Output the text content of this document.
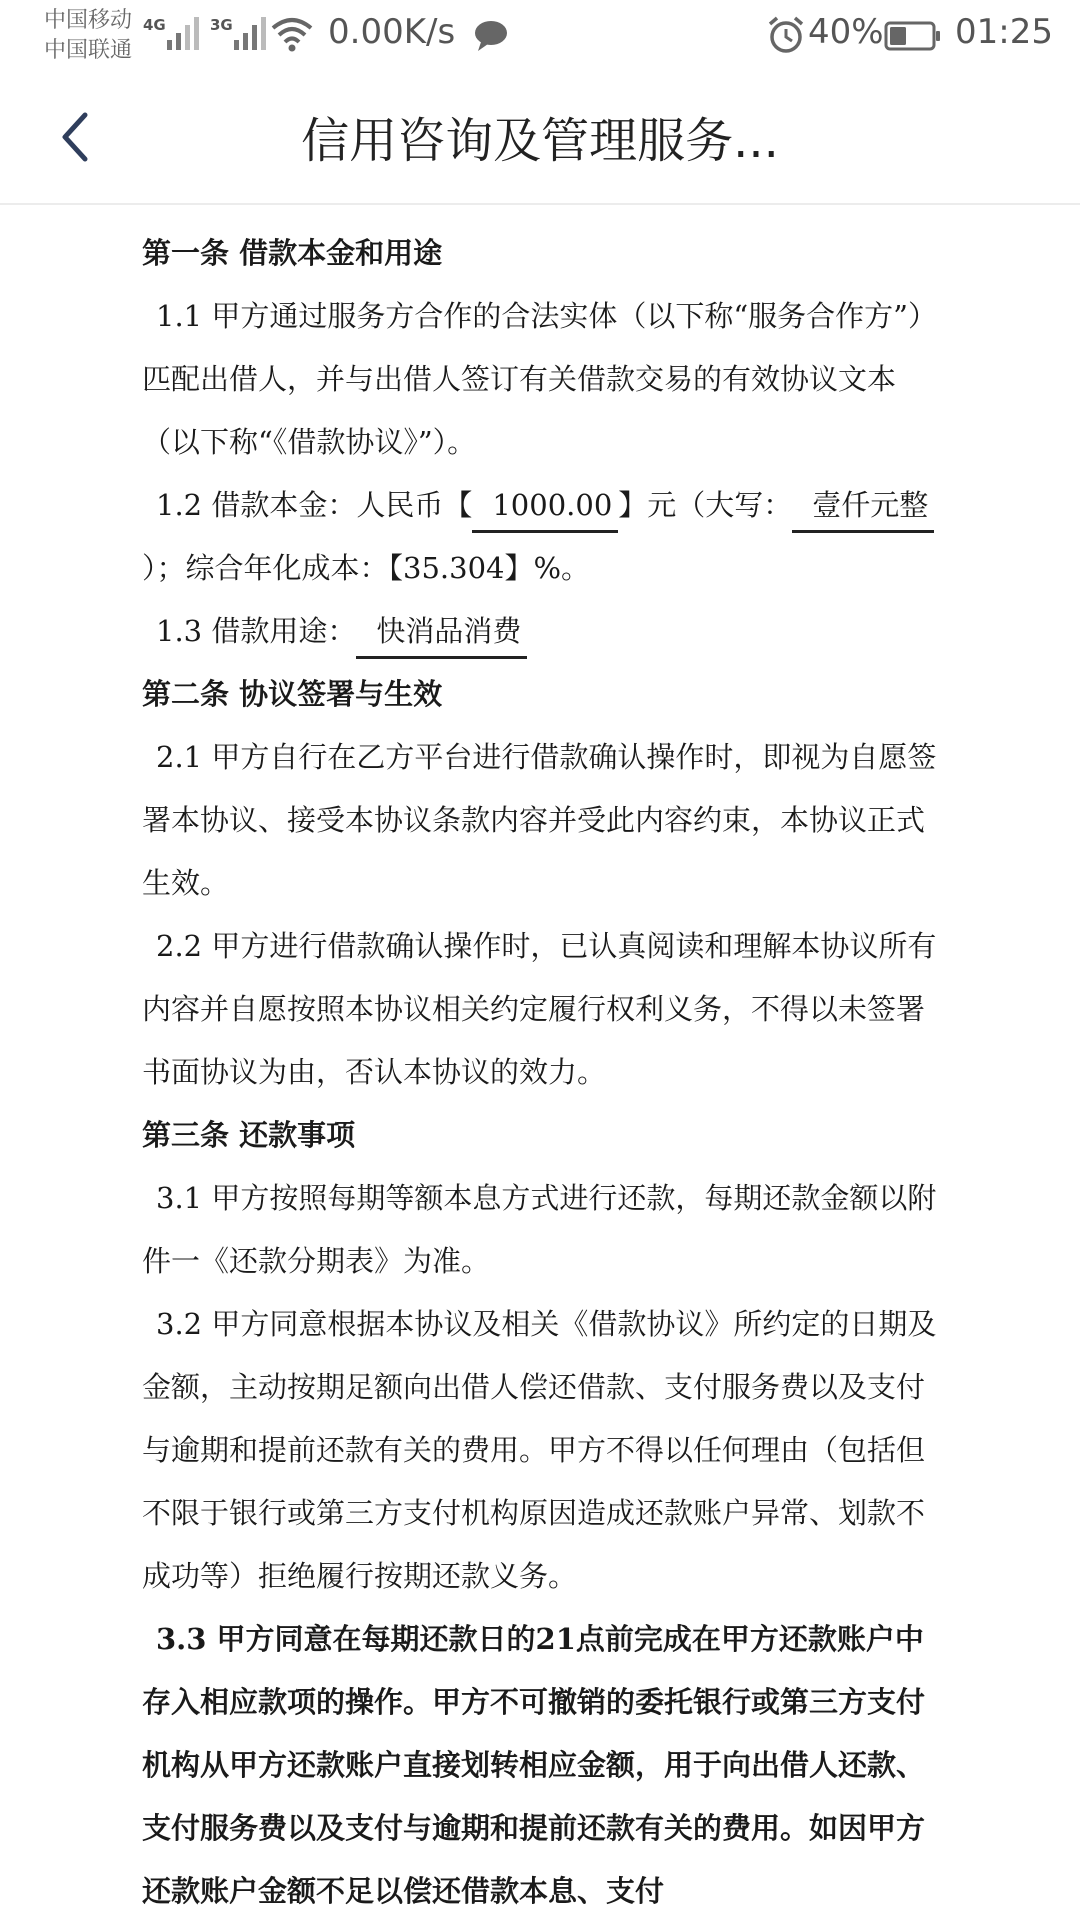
中国移动
中国联通
4G	3G	0.00K/s	40% 01:25
信用咨询及管理服务...

第一条 借款本金和用途

1.1 甲方通过服务方合作的合法实体（以下称“服务合作方”）匹配出借人，并与出借人签订有关借款交易的有效协议文本（以下称“《借款协议》”）。

1.2 借款本金：人民币【 1000.00 】元（大写： 壹仟元整）；综合年化成本：【35.304】%。

1.3 借款用途： 快消品消费

第二条 协议签署与生效

2.1 甲方自行在乙方平台进行借款确认操作时，即视为自愿签署本协议、接受本协议条款内容并受此内容约束，本协议正式生效。

2.2 甲方进行借款确认操作时，已认真阅读和理解本协议所有内容并自愿按照本协议相关约定履行权利义务，不得以未签署书面协议为由，否认本协议的效力。

第三条 还款事项

3.1 甲方按照每期等额本息方式进行还款，每期还款金额以附件一《还款分期表》为准。

3.2 甲方同意根据本协议及相关《借款协议》所约定的日期及金额，主动按期足额向出借人偿还借款、支付服务费以及支付与逾期和提前还款有关的费用。甲方不得以任何理由（包括但不限于银行或第三方支付机构原因造成还款账户异常、划款不成功等）拒绝履行按期还款义务。

3.3 甲方同意在每期还款日的21点前完成在甲方还款账户中存入相应款项的操作。甲方不可撤销的委托银行或第三方支付机构从甲方还款账户直接划转相应金额，用于向出借人还款、支付服务费以及支付与逾期和提前还款有关的费用。如因甲方还款账户金额不足以偿还借款本息、支付
